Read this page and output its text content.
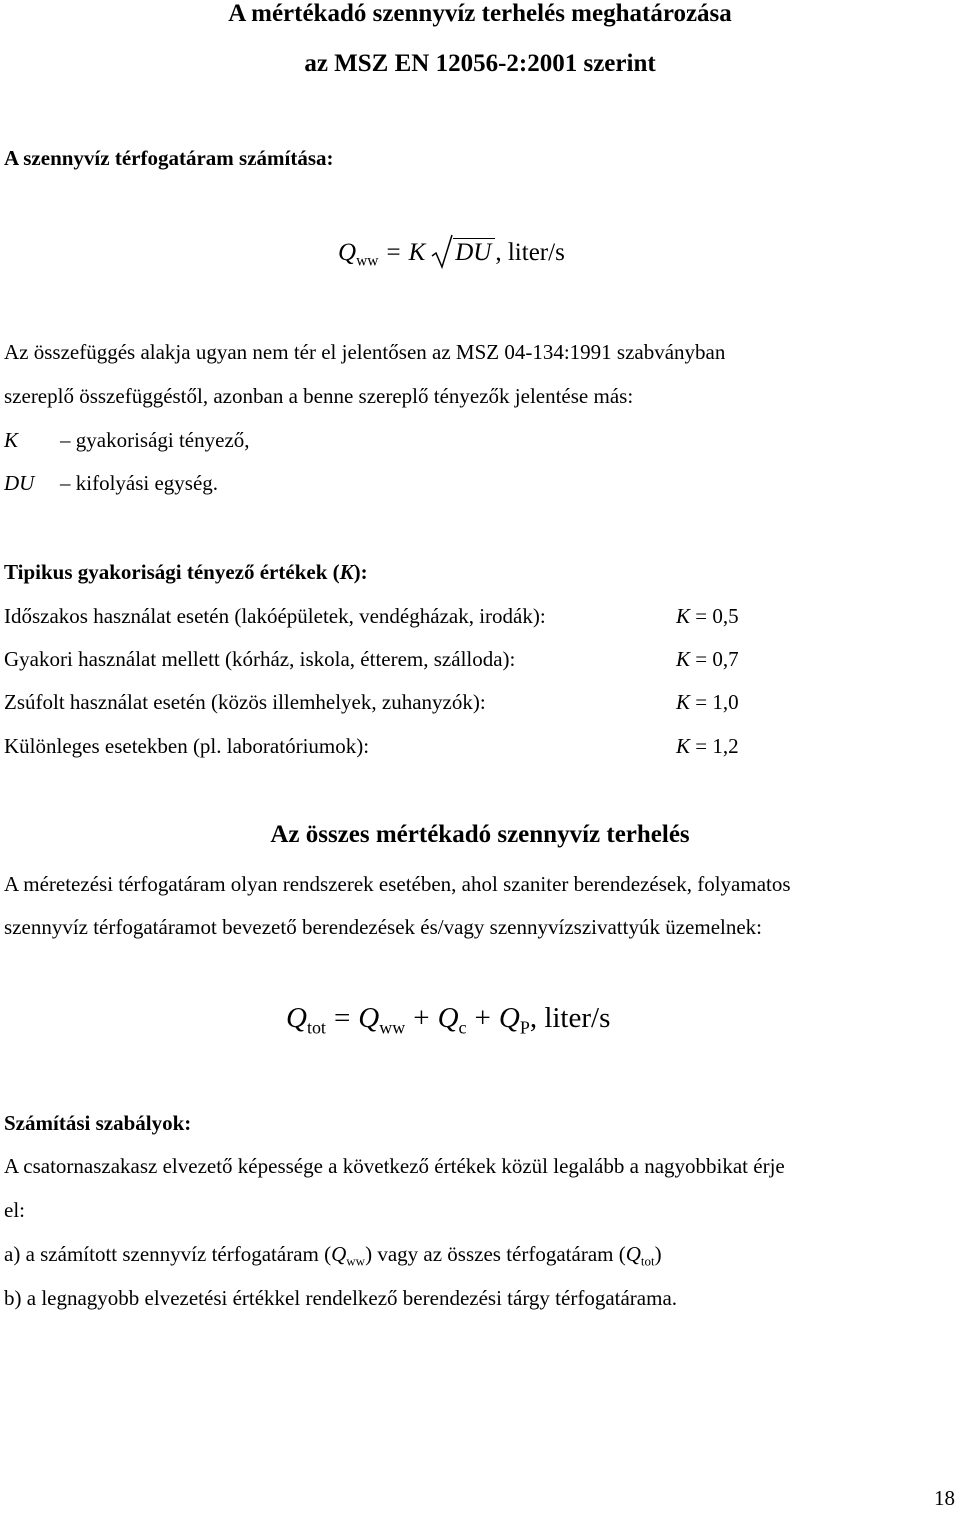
A mértékadó szennyvíz terhelés meghatározása
az MSZ EN 12056-2:2001 szerint
A szennyvíz térfogatáram számítása:
$Q_{ww} = K$ DU , liter/s
Az összefüggés alakja ugyan nem tér el jelentősen az MSZ 04-134:1991 szabványban
szereplő összefüggéstől, azonban a benne szereplő tényezők jelentése más:
K – gyakorisági tényező,
DU – kifolyási egység.
Tipikus gyakorisági tényező értékek (K):
Időszakos használat esetén (lakóépületek, vendégházak, irodák):	K = 0,5
Gyakori használat mellett (kórház, iskola, étterem, szálloda):	K = 0,7
Zsúfolt használat esetén (közös illemhelyek, zuhanyzók):	K = 1,0
Különleges esetekben (pl. laboratóriumok):	K = 1,2
Az összes mértékadó szennyvíz terhelés
A méretezési térfogatáram olyan rendszerek esetében, ahol szaniter berendezések, folyamatos
szennyvíz térfogatáramot bevezető berendezések és/vagy szennyvízszivattyúk üzemelnek:
$Q_{tot} = Q_{ww} + Q_c + Q_P$, liter/s
Számítási szabályok:
A csatornaszakasz elvezető képessége a következő értékek közül legalább a nagyobbikat érje
el:
a) a számított szennyvíz térfogatáram $(Q_{ww})$ vagy az összes térfogatáram $(Q_{tot})$
b) a legnagyobb elvezetési értékkel rendelkező berendezési tárgy térfogatárama.
18
